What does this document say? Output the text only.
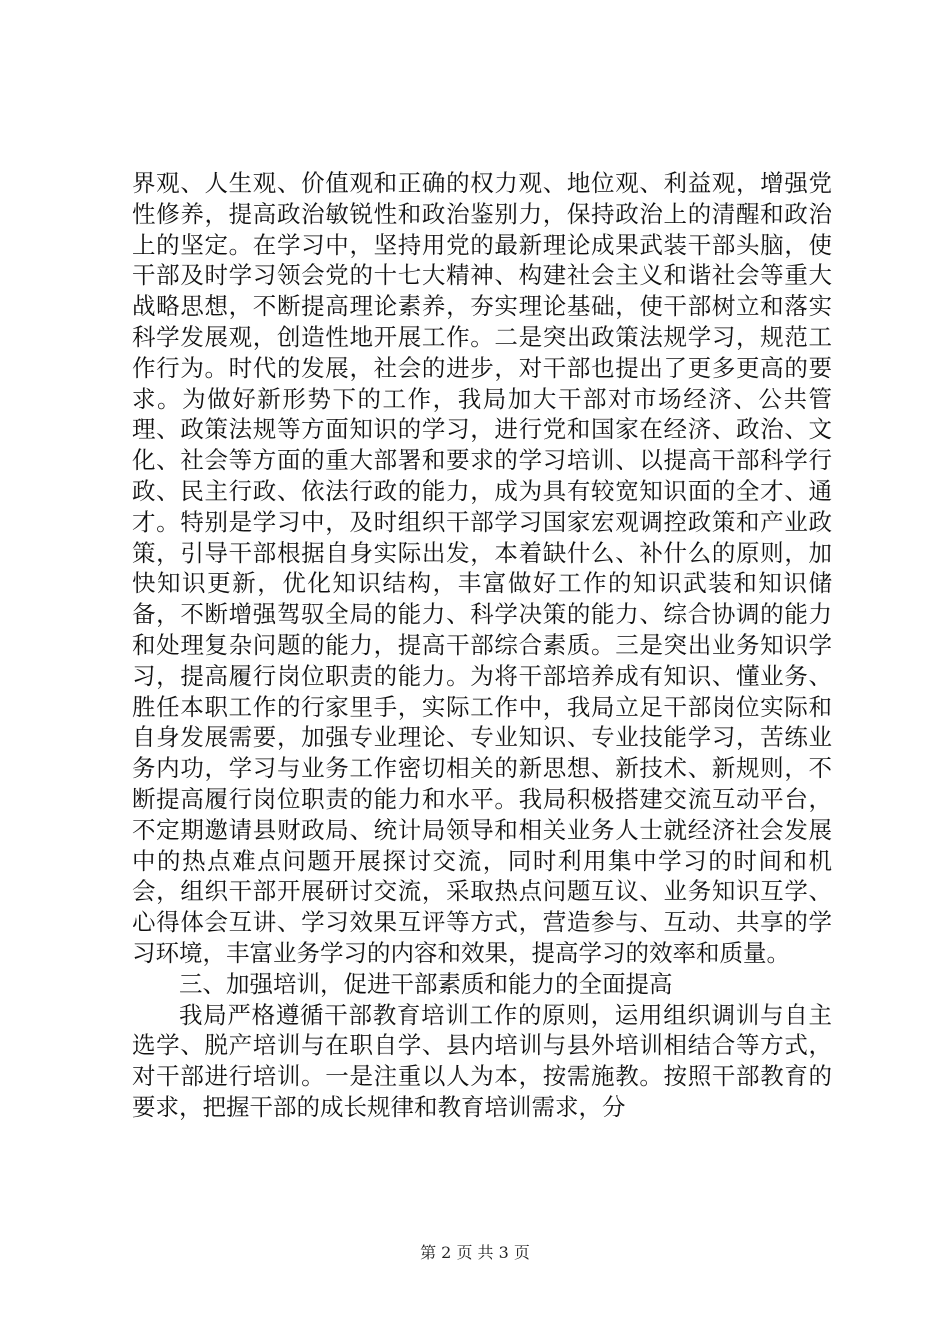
界观、人生观、价值观和正确的权力观、地位观、利益观，增强党性修养，提高政治敏锐性和政治鉴别力，保持政治上的清醒和政治上的坚定。在学习中，坚持用党的最新理论成果武装干部头脑，使干部及时学习领会党的十七大精神、构建社会主义和谐社会等重大战略思想，不断提高理论素养，夯实理论基础，使干部树立和落实科学发展观，创造性地开展工作。二是突出政策法规学习，规范工作行为。时代的发展，社会的进步，对干部也提出了更多更高的要求。为做好新形势下的工作，我局加大干部对市场经济、公共管理、政策法规等方面知识的学习，进行党和国家在经济、政治、文化、社会等方面的重大部署和要求的学习培训、以提高干部科学行政、民主行政、依法行政的能力，成为具有较宽知识面的全才、通才。特别是学习中，及时组织干部学习国家宏观调控政策和产业政策，引导干部根据自身实际出发，本着缺什么、补什么的原则，加快知识更新，优化知识结构，丰富做好工作的知识武装和知识储备，不断增强驾驭全局的能力、科学决策的能力、综合协调的能力和处理复杂问题的能力，提高干部综合素质。三是突出业务知识学习，提高履行岗位职责的能力。为将干部培养成有知识、懂业务、胜任本职工作的行家里手，实际工作中，我局立足干部岗位实际和自身发展需要，加强专业理论、专业知识、专业技能学习，苦练业务内功，学习与业务工作密切相关的新思想、新技术、新规则，不断提高履行岗位职责的能力和水平。我局积极搭建交流互动平台，不定期邀请县财政局、统计局领导和相关业务人士就经济社会发展中的热点难点问题开展探讨交流，同时利用集中学习的时间和机会，组织干部开展研讨交流，采取热点问题互议、业务知识互学、心得体会互讲、学习效果互评等方式，营造参与、互动、共享的学习环境，丰富业务学习的内容和效果，提高学习的效率和质量。

三、加强培训，促进干部素质和能力的全面提高

我局严格遵循干部教育培训工作的原则，运用组织调训与自主选学、脱产培训与在职自学、县内培训与县外培训相结合等方式，对干部进行培训。一是注重以人为本，按需施教。按照干部教育的要求，把握干部的成长规律和教育培训需求，分

第 2 页 共 3 页
